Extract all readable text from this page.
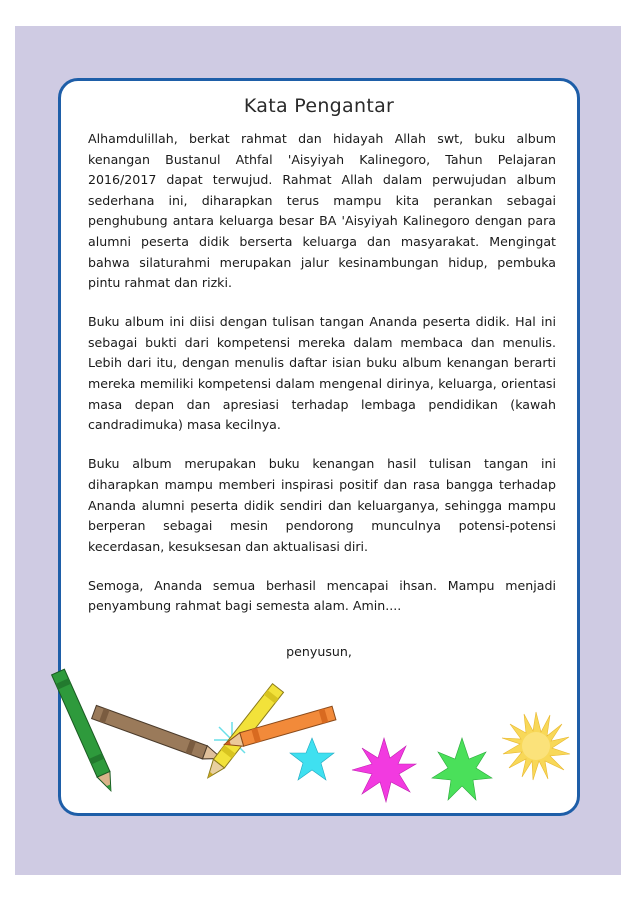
Kata Pengantar

Alhamdulillah, berkat rahmat dan hidayah Allah swt, buku album kenangan Bustanul Athfal 'Aisyiyah Kalinegoro, Tahun Pelajaran 2016/2017 dapat terwujud. Rahmat Allah dalam perwujudan album sederhana ini, diharapkan terus mampu kita perankan sebagai penghubung antara keluarga besar BA 'Aisyiyah Kalinegoro dengan para alumni peserta didik berserta keluarga dan masyarakat. Mengingat bahwa silaturahmi merupakan jalur kesinambungan hidup, pembuka pintu rahmat dan rizki.

Buku album ini diisi dengan tulisan tangan Ananda peserta didik. Hal ini sebagai bukti dari kompetensi mereka dalam membaca dan menulis. Lebih dari itu, dengan menulis daftar isian buku album kenangan berarti mereka memiliki kompetensi dalam mengenal dirinya, keluarga, orientasi masa depan dan apresiasi terhadap lembaga pendidikan (kawah candradimuka) masa kecilnya.

Buku album merupakan buku kenangan hasil tulisan tangan ini diharapkan mampu memberi inspirasi positif dan rasa bangga terhadap Ananda alumni peserta didik sendiri dan keluarganya, sehingga mampu berperan sebagai mesin pendorong munculnya potensi-potensi kecerdasan, kesuksesan dan aktualisasi diri.

Semoga, Ananda semua berhasil mencapai ihsan. Mampu menjadi penyambung rahmat bagi semesta alam. Amin....

penyusun,
